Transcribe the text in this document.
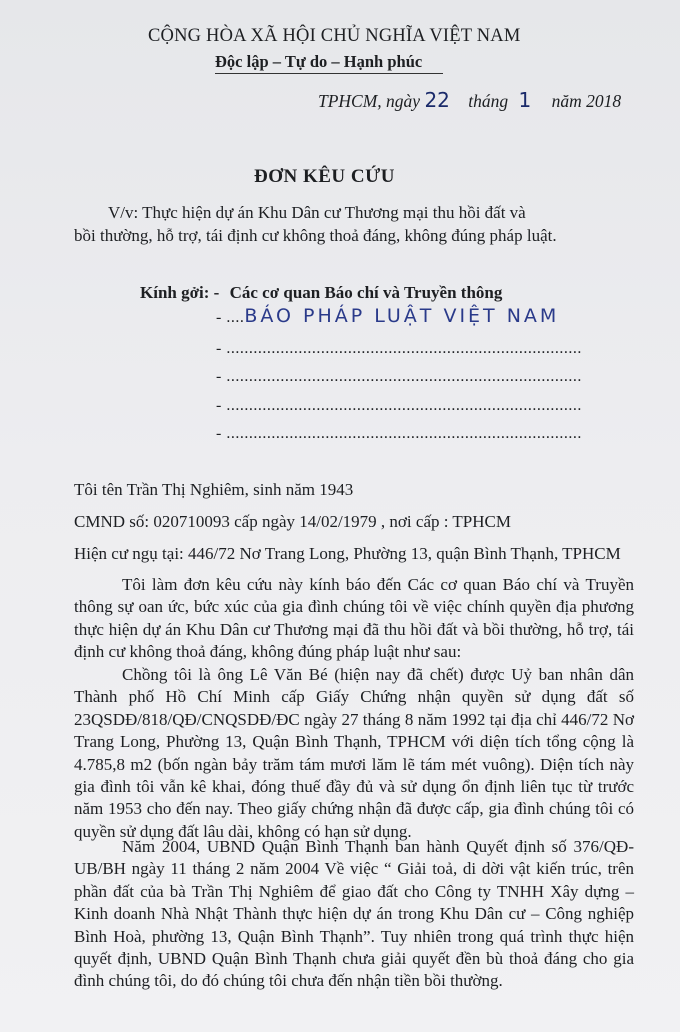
CỘNG HÒA XÃ HỘI CHỦ NGHĨA VIỆT NAM
Độc lập – Tự do – Hạnh phúc
TPHCM, ngày 22 tháng 1 năm 2018
ĐƠN KÊU CỨU
V/v: Thực hiện dự án Khu Dân cư Thương mại thu hồi đất và
bồi thường, hỗ trợ, tái định cư không thoả đáng, không đúng pháp luật.
Kính gởi: - Các cơ quan Báo chí và Truyền thông
- ....BÁO PHÁP LUẬT VIỆT NAM
- ...............................................................................
- ...............................................................................
- ...............................................................................
- ...............................................................................
Tôi tên Trần Thị Nghiêm, sinh năm 1943
CMND số: 020710093 cấp ngày 14/02/1979 , nơi cấp : TPHCM
Hiện cư ngụ tại: 446/72 Nơ Trang Long, Phường 13, quận Bình Thạnh, TPHCM
Tôi làm đơn kêu cứu này kính báo đến Các cơ quan Báo chí và Truyền thông sự oan ức, bức xúc của gia đình chúng tôi về việc chính quyền địa phương thực hiện dự án Khu Dân cư Thương mại đã thu hồi đất và bồi thường, hỗ trợ, tái định cư không thoả đáng, không đúng pháp luật như sau:
Chồng tôi là ông Lê Văn Bé (hiện nay đã chết) được Uỷ ban nhân dân Thành phố Hồ Chí Minh cấp Giấy Chứng nhận quyền sử dụng đất số 23QSDĐ/818/QĐ/CNQSDĐ/ĐC ngày 27 tháng 8 năm 1992 tại địa chỉ 446/72 Nơ Trang Long, Phường 13, Quận Bình Thạnh, TPHCM với diện tích tổng cộng là 4.785,8 m2 (bốn ngàn bảy trăm tám mươi lăm lẽ tám mét vuông). Diện tích này gia đình tôi vẫn kê khai, đóng thuế đầy đủ và sử dụng ổn định liên tục từ trước năm 1953 cho đến nay. Theo giấy chứng nhận đã được cấp, gia đình chúng tôi có quyền sử dụng đất lâu dài, không có hạn sử dụng.
Năm 2004, UBND Quận Bình Thạnh ban hành Quyết định số 376/QĐ-UB/BH ngày 11 tháng 2 năm 2004 Về việc “ Giải toả, di dời vật kiến trúc, trên phần đất của bà Trần Thị Nghiêm để giao đất cho Công ty TNHH Xây dựng – Kinh doanh Nhà Nhật Thành thực hiện dự án trong Khu Dân cư – Công nghiệp Bình Hoà, phường 13, Quận Bình Thạnh”. Tuy nhiên trong quá trình thực hiện quyết định, UBND Quận Bình Thạnh chưa giải quyết đền bù thoả đáng cho gia đình chúng tôi, do đó chúng tôi chưa đến nhận tiền bồi thường.
